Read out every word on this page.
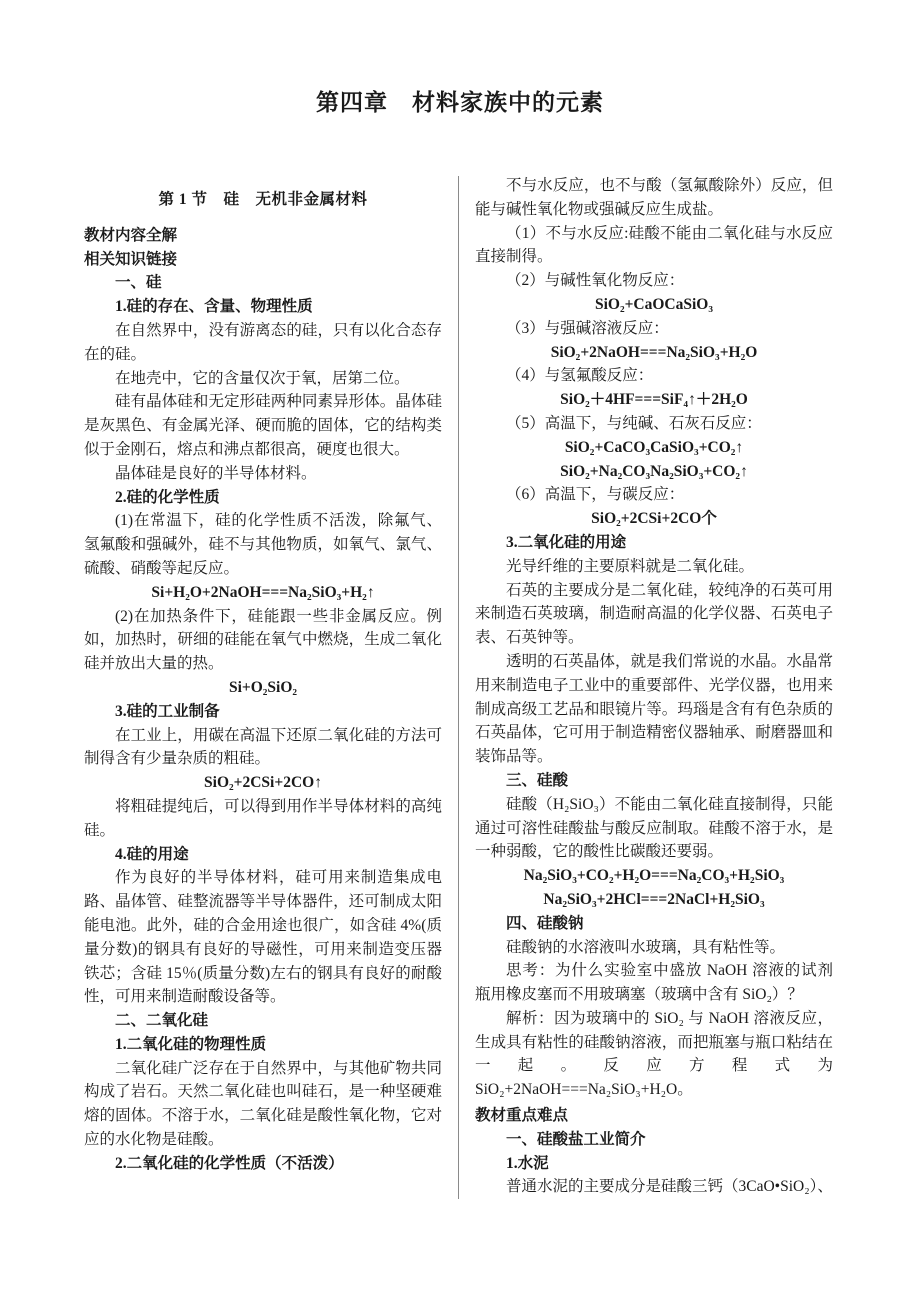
第四章　材料家族中的元素

第 1 节　硅　无机非金属材料

教材内容全解

相关知识链接

一、硅

1.硅的存在、含量、物理性质

在自然界中，没有游离态的硅，只有以化合态存在的硅。

在地壳中，它的含量仅次于氧，居第二位。

硅有晶体硅和无定形硅两种同素异形体。晶体硅是灰黑色、有金属光泽、硬而脆的固体，它的结构类似于金刚石，熔点和沸点都很高，硬度也很大。

晶体硅是良好的半导体材料。

2.硅的化学性质

(1)在常温下，硅的化学性质不活泼，除氟气、氢氟酸和强碱外，硅不与其他物质，如氧气、氯气、硫酸、硝酸等起反应。

Si+H₂O+2NaOH===Na₂SiO₃+H₂↑

(2)在加热条件下，硅能跟一些非金属反应。例如，加热时，研细的硅能在氧气中燃烧，生成二氧化硅并放出大量的热。

Si+O₂SiO₂

3.硅的工业制备

在工业上，用碳在高温下还原二氧化硅的方法可制得含有少量杂质的粗硅。

SiO₂+2CSi+2CO↑

将粗硅提纯后，可以得到用作半导体材料的高纯硅。

4.硅的用途

作为良好的半导体材料，硅可用来制造集成电路、晶体管、硅整流器等半导体器件，还可制成太阳能电池。此外，硅的合金用途也很广，如含硅 4%(质量分数)的钢具有良好的导磁性，可用来制造变压器铁芯；含硅 15％(质量分数)左右的钢具有良好的耐酸性，可用来制造耐酸设备等。

二、二氧化硅

1.二氧化硅的物理性质

二氧化硅广泛存在于自然界中，与其他矿物共同构成了岩石。天然二氧化硅也叫硅石，是一种坚硬难熔的固体。不溶于水，二氧化硅是酸性氧化物，它对应的水化物是硅酸。

2.二氧化硅的化学性质（不活泼）

不与水反应，也不与酸（氢氟酸除外）反应，但能与碱性氧化物或强碱反应生成盐。

（1）不与水反应:硅酸不能由二氧化硅与水反应直接制得。

（2）与碱性氧化物反应：

SiO₂+CaOCaSiO₃

（3）与强碱溶液反应：

SiO₂+2NaOH===Na₂SiO₃+H₂O

（4）与氢氟酸反应：

SiO₂＋4HF===SiF₄↑＋2H₂O

（5）高温下，与纯碱、石灰石反应：

SiO₂+CaCO₃CaSiO₃+CO₂↑

SiO₂+Na₂CO₃Na₂SiO₃+CO₂↑

（6）高温下，与碳反应：

SiO₂+2CSi+2CO个

3.二氧化硅的用途

光导纤维的主要原料就是二氧化硅。

石英的主要成分是二氧化硅，较纯净的石英可用来制造石英玻璃，制造耐高温的化学仪器、石英电子表、石英钟等。

透明的石英晶体，就是我们常说的水晶。水晶常用来制造电子工业中的重要部件、光学仪器，也用来制成高级工艺品和眼镜片等。玛瑙是含有有色杂质的石英晶体，它可用于制造精密仪器轴承、耐磨器皿和装饰品等。

三、硅酸

硅酸（H₂SiO₃）不能由二氧化硅直接制得，只能通过可溶性硅酸盐与酸反应制取。硅酸不溶于水，是一种弱酸，它的酸性比碳酸还要弱。

Na₂SiO₃+CO₂+H₂O===Na₂CO₃+H₂SiO₃

Na₂SiO₃+2HCl===2NaCl+H₂SiO₃

四、硅酸钠

硅酸钠的水溶液叫水玻璃，具有粘性等。

思考：为什么实验室中盛放 NaOH 溶液的试剂瓶用橡皮塞而不用玻璃塞（玻璃中含有 SiO₂）？

解析：因为玻璃中的 SiO₂ 与 NaOH 溶液反应，生成具有粘性的硅酸钠溶液，而把瓶塞与瓶口粘结在一起。反应方程式为 SiO₂+2NaOH===Na₂SiO₃+H₂O。

教材重点难点

一、硅酸盐工业简介

1.水泥

普通水泥的主要成分是硅酸三钙（3CaO•SiO₂）、
